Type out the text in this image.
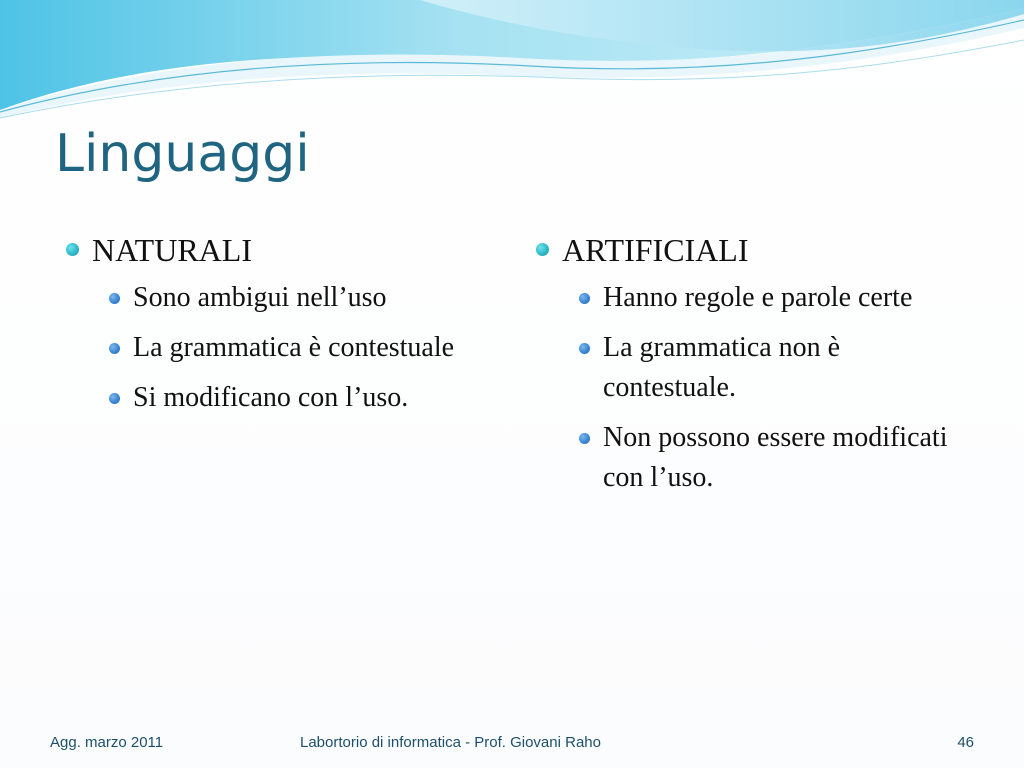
Linguaggi
NATURALI
Sono ambigui nell’uso
La grammatica è contestuale
Si modificano con l’uso.
ARTIFICIALI
Hanno regole e parole certe
La grammatica non è contestuale.
Non possono essere modificati con l’uso.
Agg. marzo 2011	Labortorio di informatica - Prof. Giovani Raho	46
